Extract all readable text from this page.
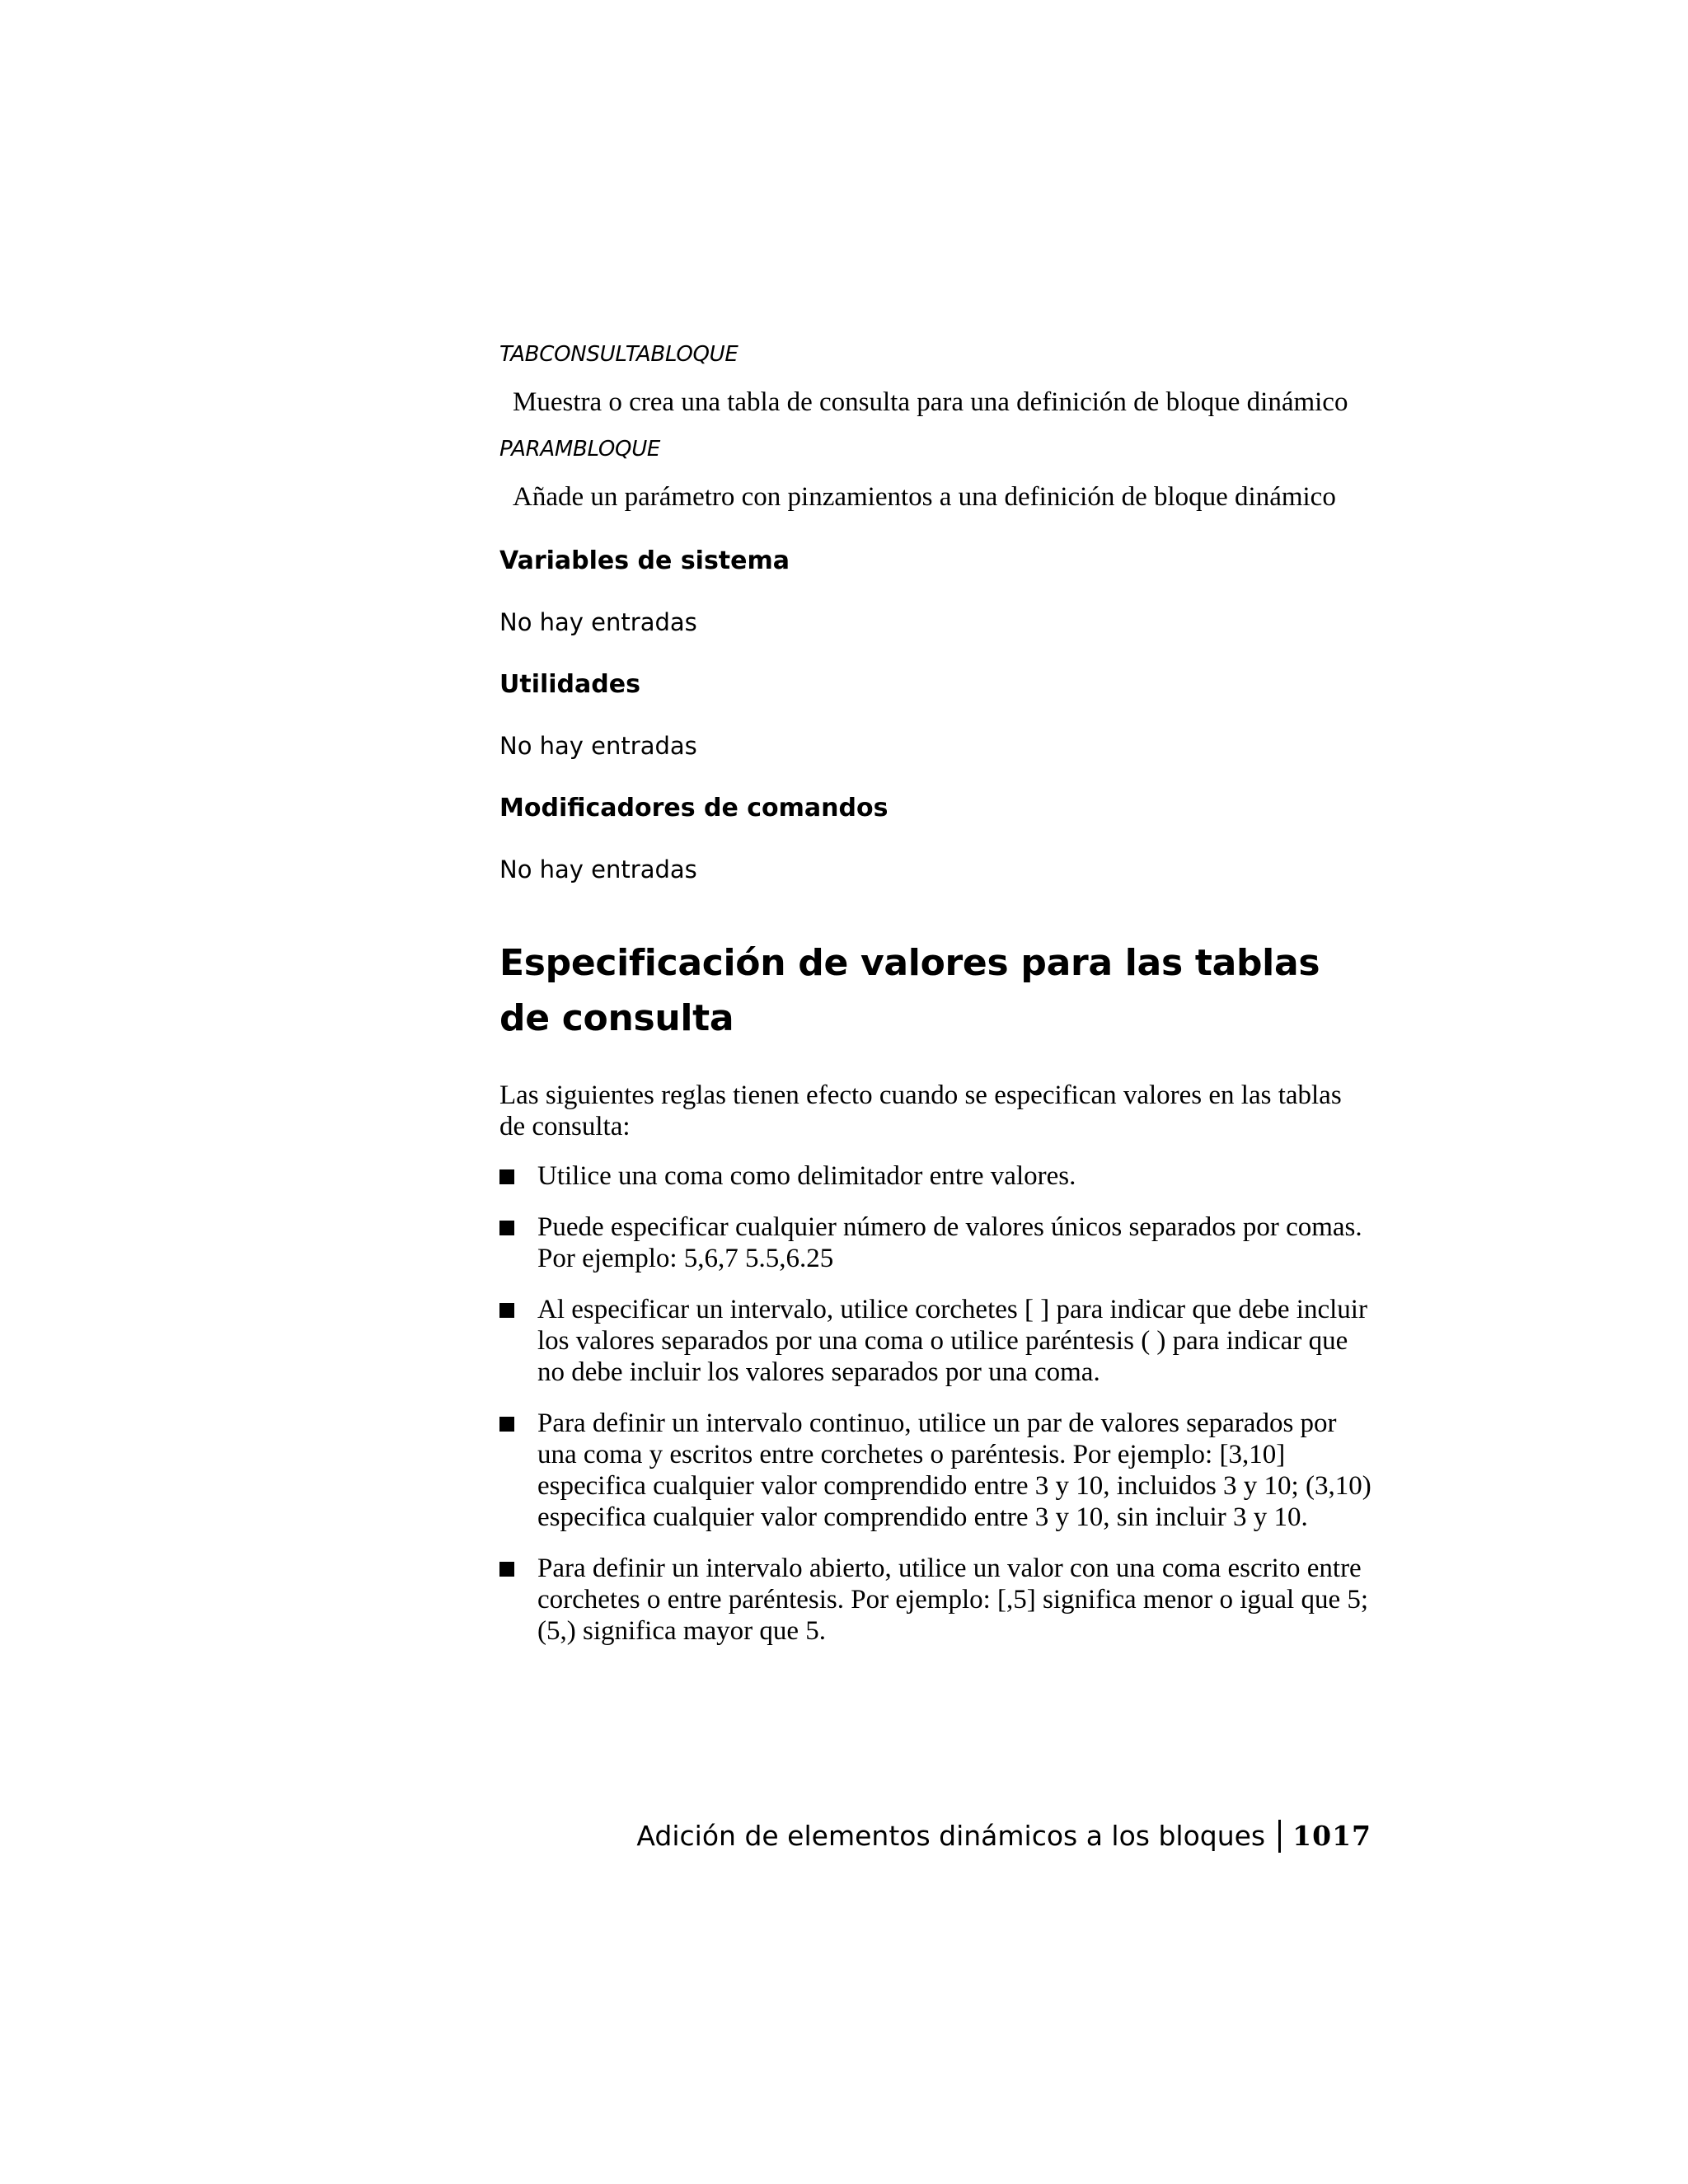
TABCONSULTABLOQUE
Muestra o crea una tabla de consulta para una definición de bloque dinámico
PARAMBLOQUE
Añade un parámetro con pinzamientos a una definición de bloque dinámico
Variables de sistema
No hay entradas
Utilidades
No hay entradas
Modificadores de comandos
No hay entradas
Especificación de valores para las tablas de consulta
Las siguientes reglas tienen efecto cuando se especifican valores en las tablas de consulta:
Utilice una coma como delimitador entre valores.
Puede especificar cualquier número de valores únicos separados por comas. Por ejemplo: 5,6,7 5.5,6.25
Al especificar un intervalo, utilice corchetes [ ] para indicar que debe incluir los valores separados por una coma o utilice paréntesis ( ) para indicar que no debe incluir los valores separados por una coma.
Para definir un intervalo continuo, utilice un par de valores separados por una coma y escritos entre corchetes o paréntesis. Por ejemplo: [3,10] especifica cualquier valor comprendido entre 3 y 10, incluidos 3 y 10; (3,10) especifica cualquier valor comprendido entre 3 y 10, sin incluir 3 y 10.
Para definir un intervalo abierto, utilice un valor con una coma escrito entre corchetes o entre paréntesis. Por ejemplo: [,5] significa menor o igual que 5; (5,) significa mayor que 5.
Adición de elementos dinámicos a los bloques 1017
